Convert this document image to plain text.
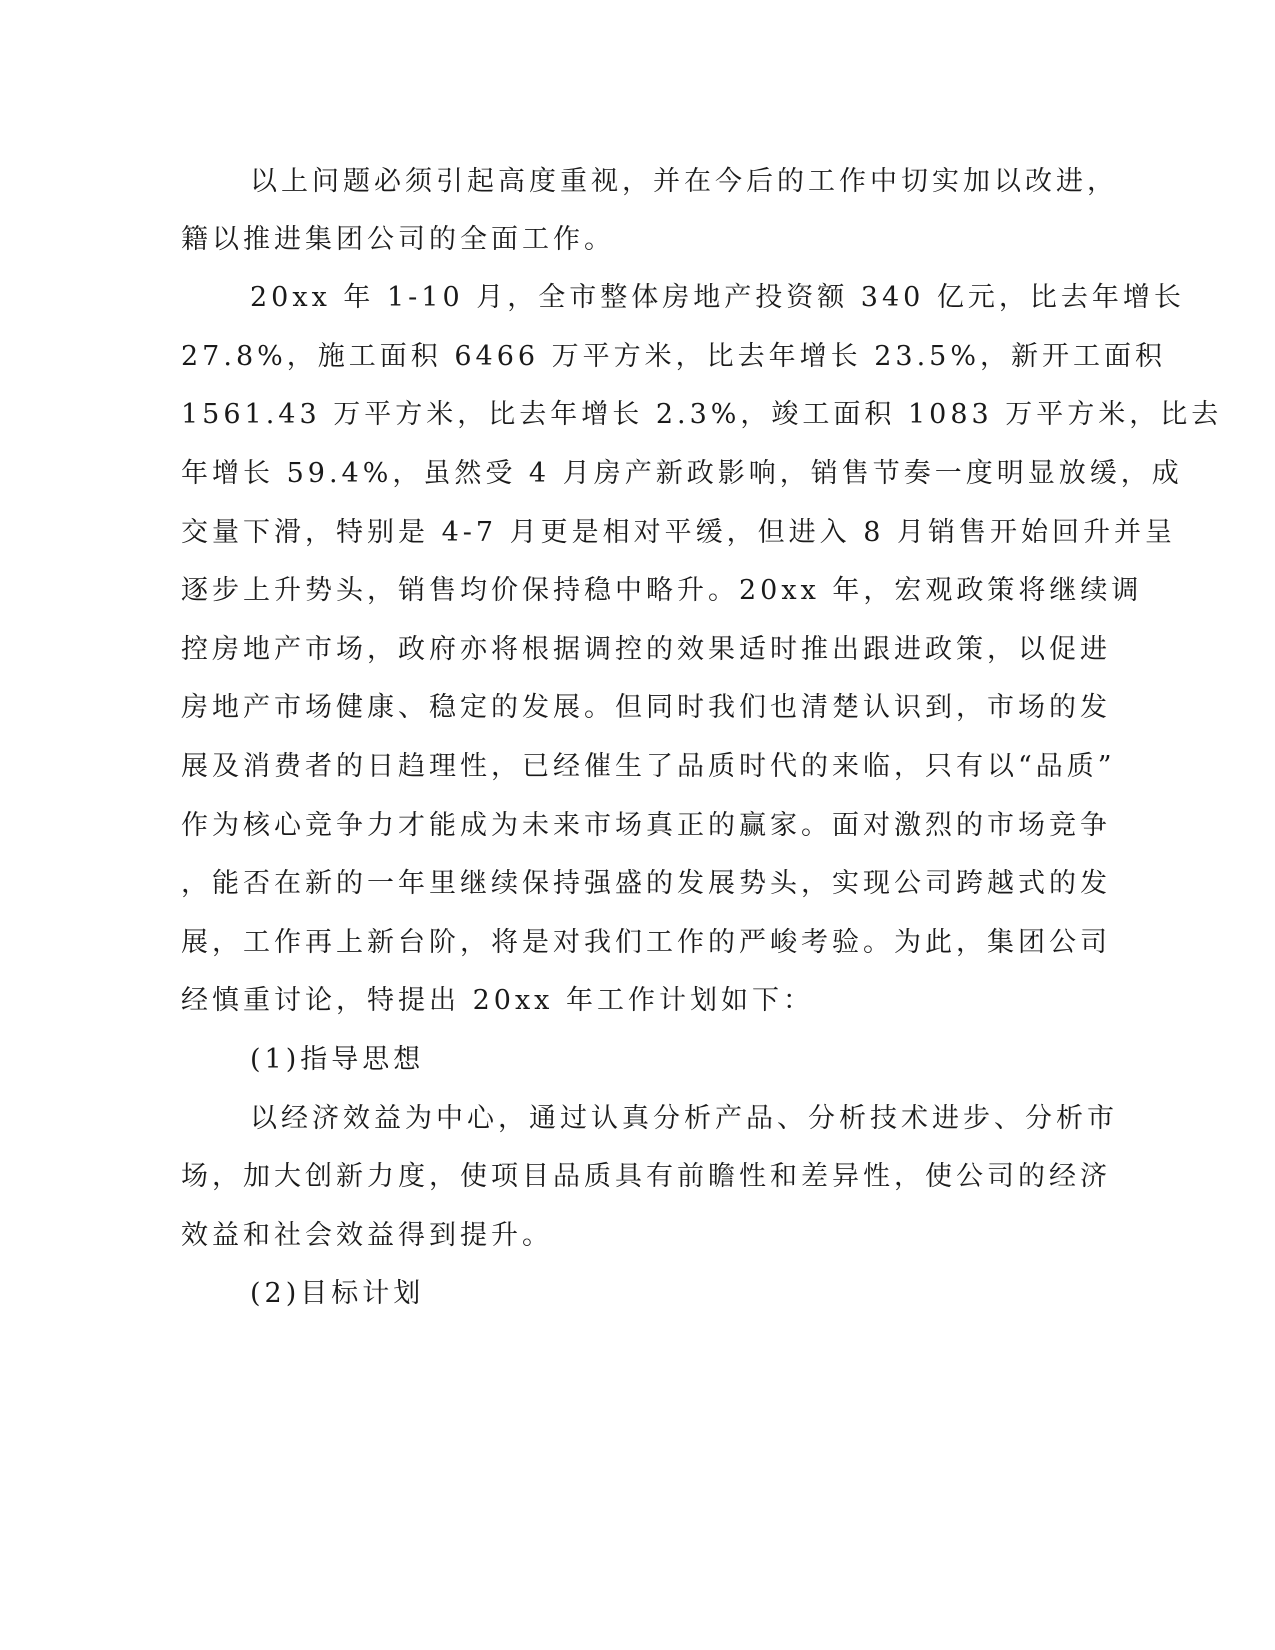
以上问题必须引起高度重视，并在今后的工作中切实加以改进，
籍以推进集团公司的全面工作。
20xx 年 1-10 月，全市整体房地产投资额 340 亿元，比去年增长
27.8%，施工面积 6466 万平方米，比去年增长 23.5%，新开工面积
1561.43 万平方米，比去年增长 2.3%，竣工面积 1083 万平方米，比去
年增长 59.4%，虽然受 4 月房产新政影响，销售节奏一度明显放缓，成
交量下滑，特别是 4-7 月更是相对平缓，但进入 8 月销售开始回升并呈
逐步上升势头，销售均价保持稳中略升。20xx 年，宏观政策将继续调
控房地产市场，政府亦将根据调控的效果适时推出跟进政策，以促进
房地产市场健康、稳定的发展。但同时我们也清楚认识到，市场的发
展及消费者的日趋理性，已经催生了品质时代的来临，只有以“品质”
作为核心竞争力才能成为未来市场真正的赢家。面对激烈的市场竞争
，能否在新的一年里继续保持强盛的发展势头，实现公司跨越式的发
展，工作再上新台阶，将是对我们工作的严峻考验。为此，集团公司
经慎重讨论，特提出 20xx 年工作计划如下：
(1)指导思想
以经济效益为中心，通过认真分析产品、分析技术进步、分析市
场，加大创新力度，使项目品质具有前瞻性和差异性，使公司的经济
效益和社会效益得到提升。
(2)目标计划
